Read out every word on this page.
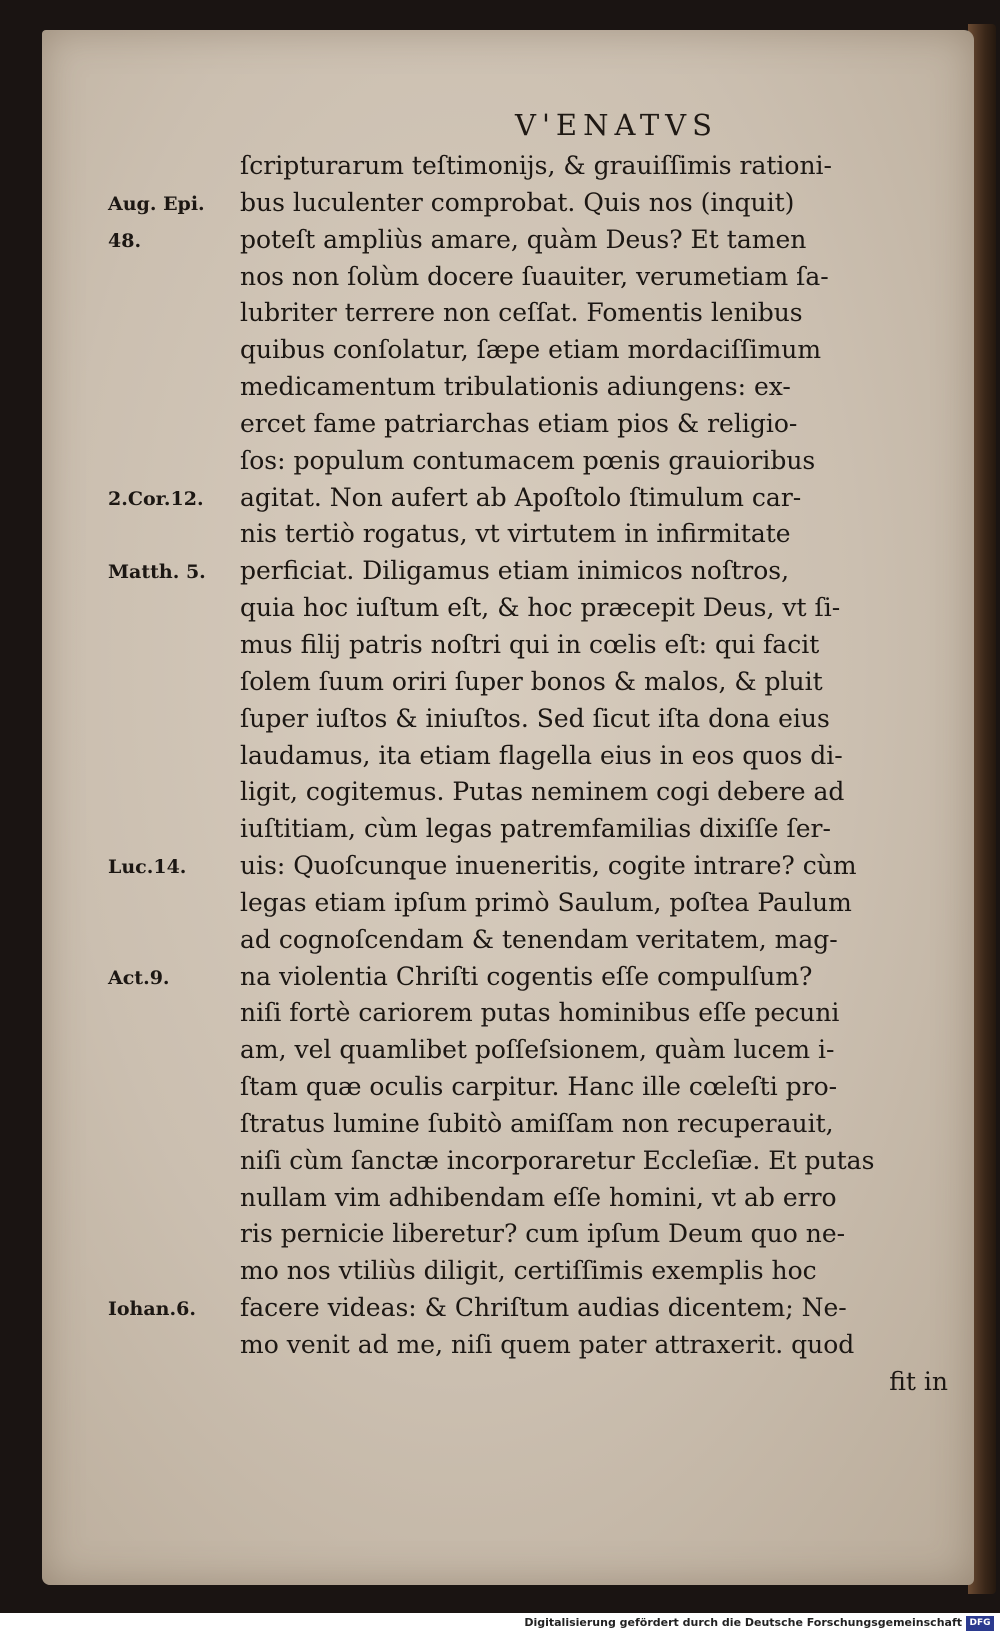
V'ENATVS
ſcripturarum teſtimonijs, & grauiſſimis rationi-
bus luculenter comprobat. Quis nos (inquit)
poteſt ampliùs amare, quàm Deus? Et tamen
nos non ſolùm docere ſuauiter, verumetiam ſa-
lubriter terrere non ceſſat. Fomentis lenibus
quibus conſolatur, ſæpe etiam mordaciſſimum
medicamentum tribulationis adiungens: ex-
ercet fame patriarchas etiam pios & religio-
ſos: populum contumacem pœnis grauioribus
agitat. Non aufert ab Apoſtolo ſtimulum car-
nis tertiò rogatus, vt virtutem in infirmitate
perficiat. Diligamus etiam inimicos noſtros,
quia hoc iuſtum eſt, & hoc præcepit Deus, vt ſi-
mus filij patris noſtri qui in cœlis eſt: qui facit
ſolem ſuum oriri ſuper bonos & malos, & pluit
ſuper iuſtos & iniuſtos. Sed ſicut iſta dona eius
laudamus, ita etiam flagella eius in eos quos di-
ligit, cogitemus. Putas neminem cogi debere ad
iuſtitiam, cùm legas patremfamilias dixiſſe ſer-
uis: Quoſcunque inueneritis, cogite intrare? cùm
legas etiam ipſum primò Saulum, poſtea Paulum
ad cognoſcendam & tenendam veritatem, mag-
na violentia Chriſti cogentis eſſe compulſum?
niſi fortè cariorem putas hominibus eſſe pecuni
am, vel quamlibet poſſeſsionem, quàm lucem i-
ſtam quæ oculis carpitur. Hanc ille cœleſti pro-
ſtratus lumine ſubitò amiſſam non recuperauit,
niſi cùm ſanctæ incorporaretur Eccleſiæ. Et putas
nullam vim adhibendam eſſe homini, vt ab erro
ris pernicie liberetur? cum ipſum Deum quo ne-
mo nos vtiliùs diligit, certiſſimis exemplis hoc
facere videas: & Chriſtum audias dicentem; Ne-
mo venit ad me, niſi quem pater attraxerit. quod
fit in
Aug. Epi.
48.
2.Cor.12.
Matth. 5.
Luc.14.
Act.9.
Iohan.6.
Digitalisierung gefördert durch die Deutsche Forschungsgemeinschaft DFG
